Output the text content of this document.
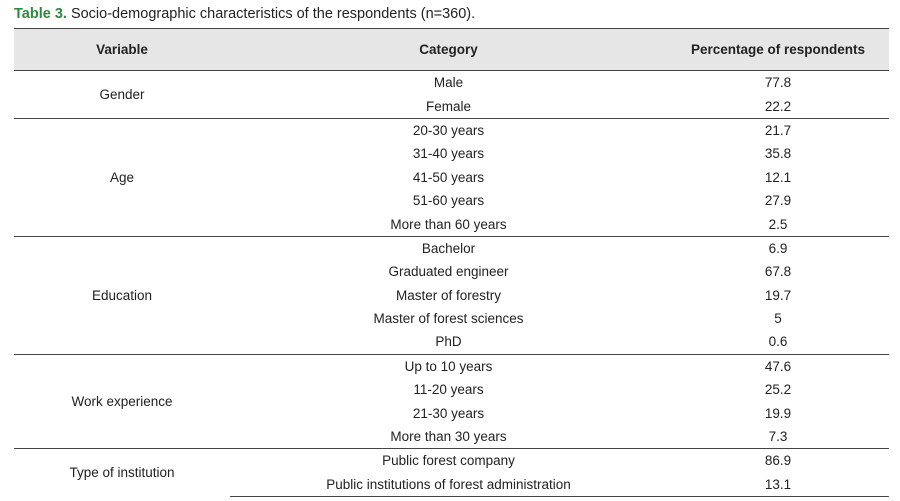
Table 3. Socio-demographic characteristics of the respondents (n=360).
Variable	Category	Percentage of respondents
Gender	Male	77.8
	Female	22.2
Age	20-30 years	21.7
	31-40 years	35.8
	41-50 years	12.1
	51-60 years	27.9
	More than 60 years	2.5
Education	Bachelor	6.9
	Graduated engineer	67.8
	Master of forestry	19.7
	Master of forest sciences	5
	PhD	0.6
Work experience	Up to 10 years	47.6
	11-20 years	25.2
	21-30 years	19.9
	More than 30 years	7.3
Type of institution	Public forest company	86.9
	Public institutions of forest administration	13.1
